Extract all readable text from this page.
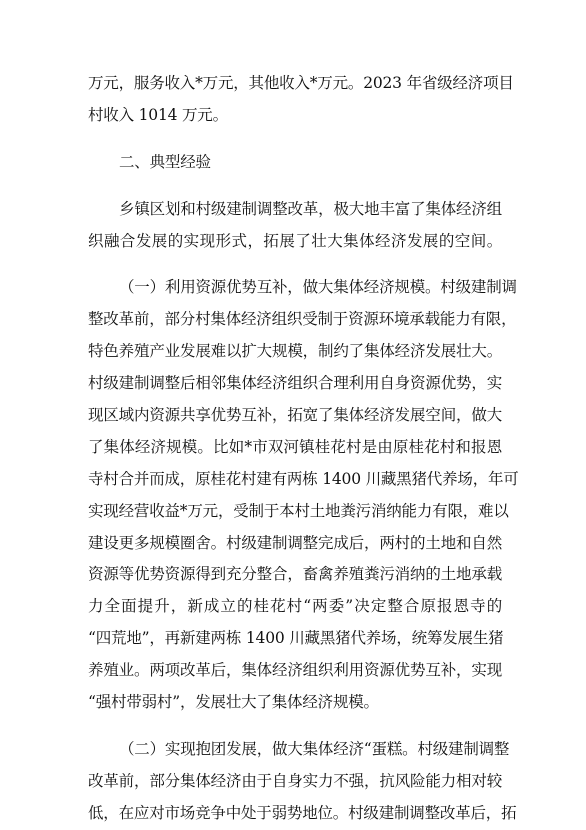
万元，服务收入*万元，其他收入*万元。2023 年省级经济项目
村收入 1014 万元。
二、典型经验
乡镇区划和村级建制调整改革，极大地丰富了集体经济组
织融合发展的实现形式，拓展了壮大集体经济发展的空间。
（一）利用资源优势互补，做大集体经济规模。村级建制调
整改革前，部分村集体经济组织受制于资源环境承载能力有限，
特色养殖产业发展难以扩大规模，制约了集体经济发展壮大。
村级建制调整后相邻集体经济组织合理利用自身资源优势，实
现区域内资源共享优势互补，拓宽了集体经济发展空间，做大
了集体经济规模。比如*市双河镇桂花村是由原桂花村和报恩
寺村合并而成，原桂花村建有两栋 1400 川藏黑猪代养场，年可
实现经营收益*万元，受制于本村土地粪污消纳能力有限，难以
建设更多规模圈舍。村级建制调整完成后，两村的土地和自然
资源等优势资源得到充分整合，畜禽养殖粪污消纳的土地承载
力全面提升，新成立的桂花村“两委”决定整合原报恩寺的
“四荒地”，再新建两栋 1400 川藏黑猪代养场，统筹发展生猪
养殖业。两项改革后，集体经济组织利用资源优势互补，实现
“强村带弱村”，发展壮大了集体经济规模。
（二）实现抱团发展，做大集体经济“蛋糕。村级建制调整
改革前，部分集体经济由于自身实力不强，抗风险能力相对较
低，在应对市场竞争中处于弱势地位。村级建制调整改革后，拓
